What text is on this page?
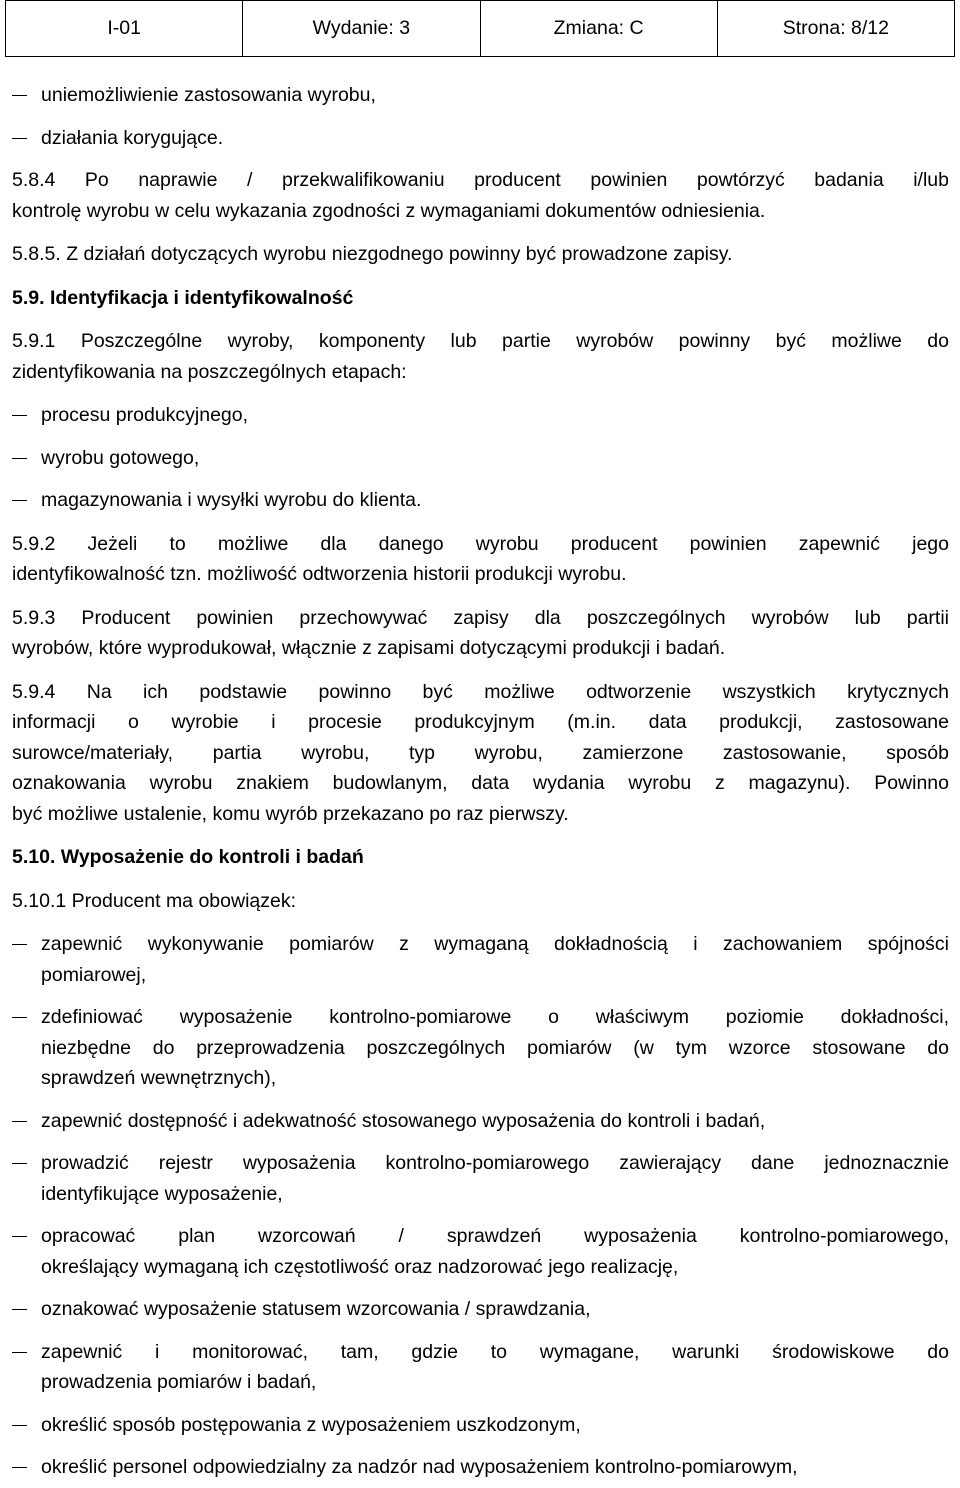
I-01	Wydanie: 3	Zmiana: C	Strona: 8/12
uniemożliwienie zastosowania wyrobu,
działania korygujące.
5.8.4 Po naprawie / przekwalifikowaniu producent powinien powtórzyć badania i/lub
kontrolę wyrobu w celu wykazania zgodności z wymaganiami dokumentów odniesienia.
5.8.5. Z działań dotyczących wyrobu niezgodnego powinny być prowadzone zapisy.
5.9. Identyfikacja i identyfikowalność
5.9.1 Poszczególne wyroby, komponenty lub partie wyrobów powinny być możliwe do
zidentyfikowania na poszczególnych etapach:
procesu produkcyjnego,
wyrobu gotowego,
magazynowania i wysyłki wyrobu do klienta.
5.9.2 Jeżeli to możliwe dla danego wyrobu producent powinien zapewnić jego
identyfikowalność tzn. możliwość odtworzenia historii produkcji wyrobu.
5.9.3 Producent powinien przechowywać zapisy dla poszczególnych wyrobów lub partii
wyrobów, które wyprodukował, włącznie z zapisami dotyczącymi produkcji i badań.
5.9.4 Na ich podstawie powinno być możliwe odtworzenie wszystkich krytycznych
informacji o wyrobie i procesie produkcyjnym (m.in. data produkcji, zastosowane
surowce/materiały, partia wyrobu, typ wyrobu, zamierzone zastosowanie, sposób
oznakowania wyrobu znakiem budowlanym, data wydania wyrobu z magazynu). Powinno
być możliwe ustalenie, komu wyrób przekazano po raz pierwszy.
5.10. Wyposażenie do kontroli i badań
5.10.1 Producent ma obowiązek:
zapewnić wykonywanie pomiarów z wymaganą dokładnością i zachowaniem spójności
pomiarowej,
zdefiniować wyposażenie kontrolno-pomiarowe o właściwym poziomie dokładności,
niezbędne do przeprowadzenia poszczególnych pomiarów (w tym wzorce stosowane do
sprawdzeń wewnętrznych),
zapewnić dostępność i adekwatność stosowanego wyposażenia do kontroli i badań,
prowadzić rejestr wyposażenia kontrolno-pomiarowego zawierający dane jednoznacznie
identyfikujące wyposażenie,
opracować plan wzorcowań / sprawdzeń wyposażenia kontrolno-pomiarowego,
określający wymaganą ich częstotliwość oraz nadzorować jego realizację,
oznakować wyposażenie statusem wzorcowania / sprawdzania,
zapewnić i monitorować, tam, gdzie to wymagane, warunki środowiskowe do
prowadzenia pomiarów i badań,
określić sposób postępowania z wyposażeniem uszkodzonym,
określić personel odpowiedzialny za nadzór nad wyposażeniem kontrolno-pomiarowym,
